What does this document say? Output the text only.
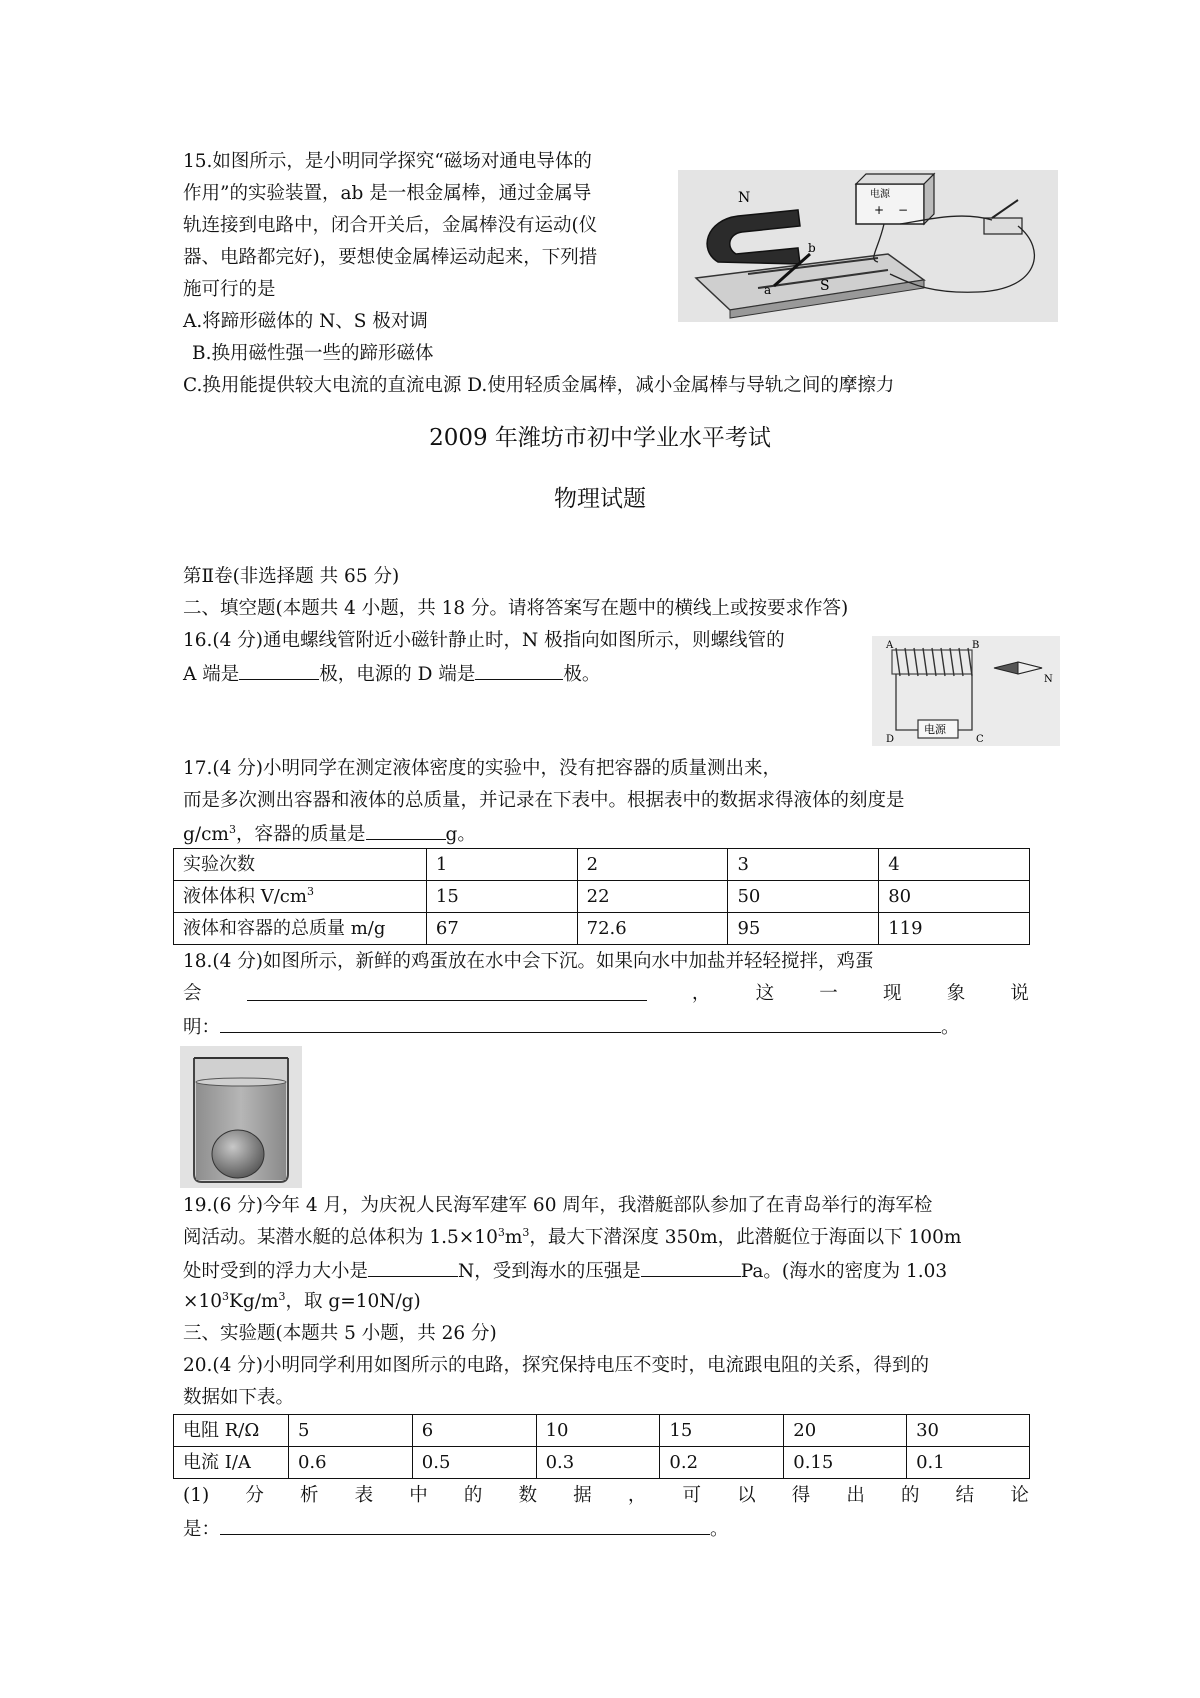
15.如图所示，是小明同学探究“磁场对通电导体的
作用”的实验装置，ab 是一根金属棒，通过金属导
轨连接到电路中，闭合开关后，金属棒没有运动(仪
器、电路都完好)，要想使金属棒运动起来，下列措
施可行的是
A.将蹄形磁体的 N、S 极对调
B.换用磁性强一些的蹄形磁体
C.换用能提供较大电流的直流电源 D.使用轻质金属棒，减小金属棒与导轨之间的摩擦力
N
S
a
b
电源
+ −
2009 年潍坊市初中学业水平考试
物理试题
第Ⅱ卷(非选择题 共 65 分)
二、填空题(本题共 4 小题，共 18 分。请将答案写在题中的横线上或按要求作答)
16.(4 分)通电螺线管附近小磁针静止时，N 极指向如图所示，则螺线管的
A 端是	极，电源的 D 端是	极。
A	B
C
D
电源
N
17.(4 分)小明同学在测定液体密度的实验中，没有把容器的质量测出来，
而是多次测出容器和液体的总质量，并记录在下表中。根据表中的数据求得液体的刻度是
$g/cm^3$，容器的质量是	g。
实验次数	1	2	3	4
液体体积 $V/cm^3$	15	22	50	80
液体和容器的总质量 m/g	67	72.6	95	119
18.(4 分)如图所示，新鲜的鸡蛋放在水中会下沉。如果向水中加盐并轻轻搅拌，鸡蛋
会	， 这 一 现 象 说
明：	。
19.(6 分)今年 4 月，为庆祝人民海军建军 60 周年，我潜艇部队参加了在青岛举行的海军检
阅活动。某潜水艇的总体积为 $1.5\times 10^3m^3$，最大下潜深度 350m，此潜艇位于海面以下 100m
处时受到的浮力大小是	N，受到海水的压强是	Pa。(海水的密度为 1.03
$\times 10^3Kg/m^3$，取 g=10N/g)
三、实验题(本题共 5 小题，共 26 分)
20.(4 分)小明同学利用如图所示的电路，探究保持电压不变时，电流跟电阻的关系，得到的
数据如下表。
电阻 R/Ω	5	6	10	15	20	30
电流 I/A	0.6	0.5	0.3	0.2	0.15	0.1
(1) 分 析 表 中 的 数 据 ， 可 以 得 出 的 结 论
是：	。
